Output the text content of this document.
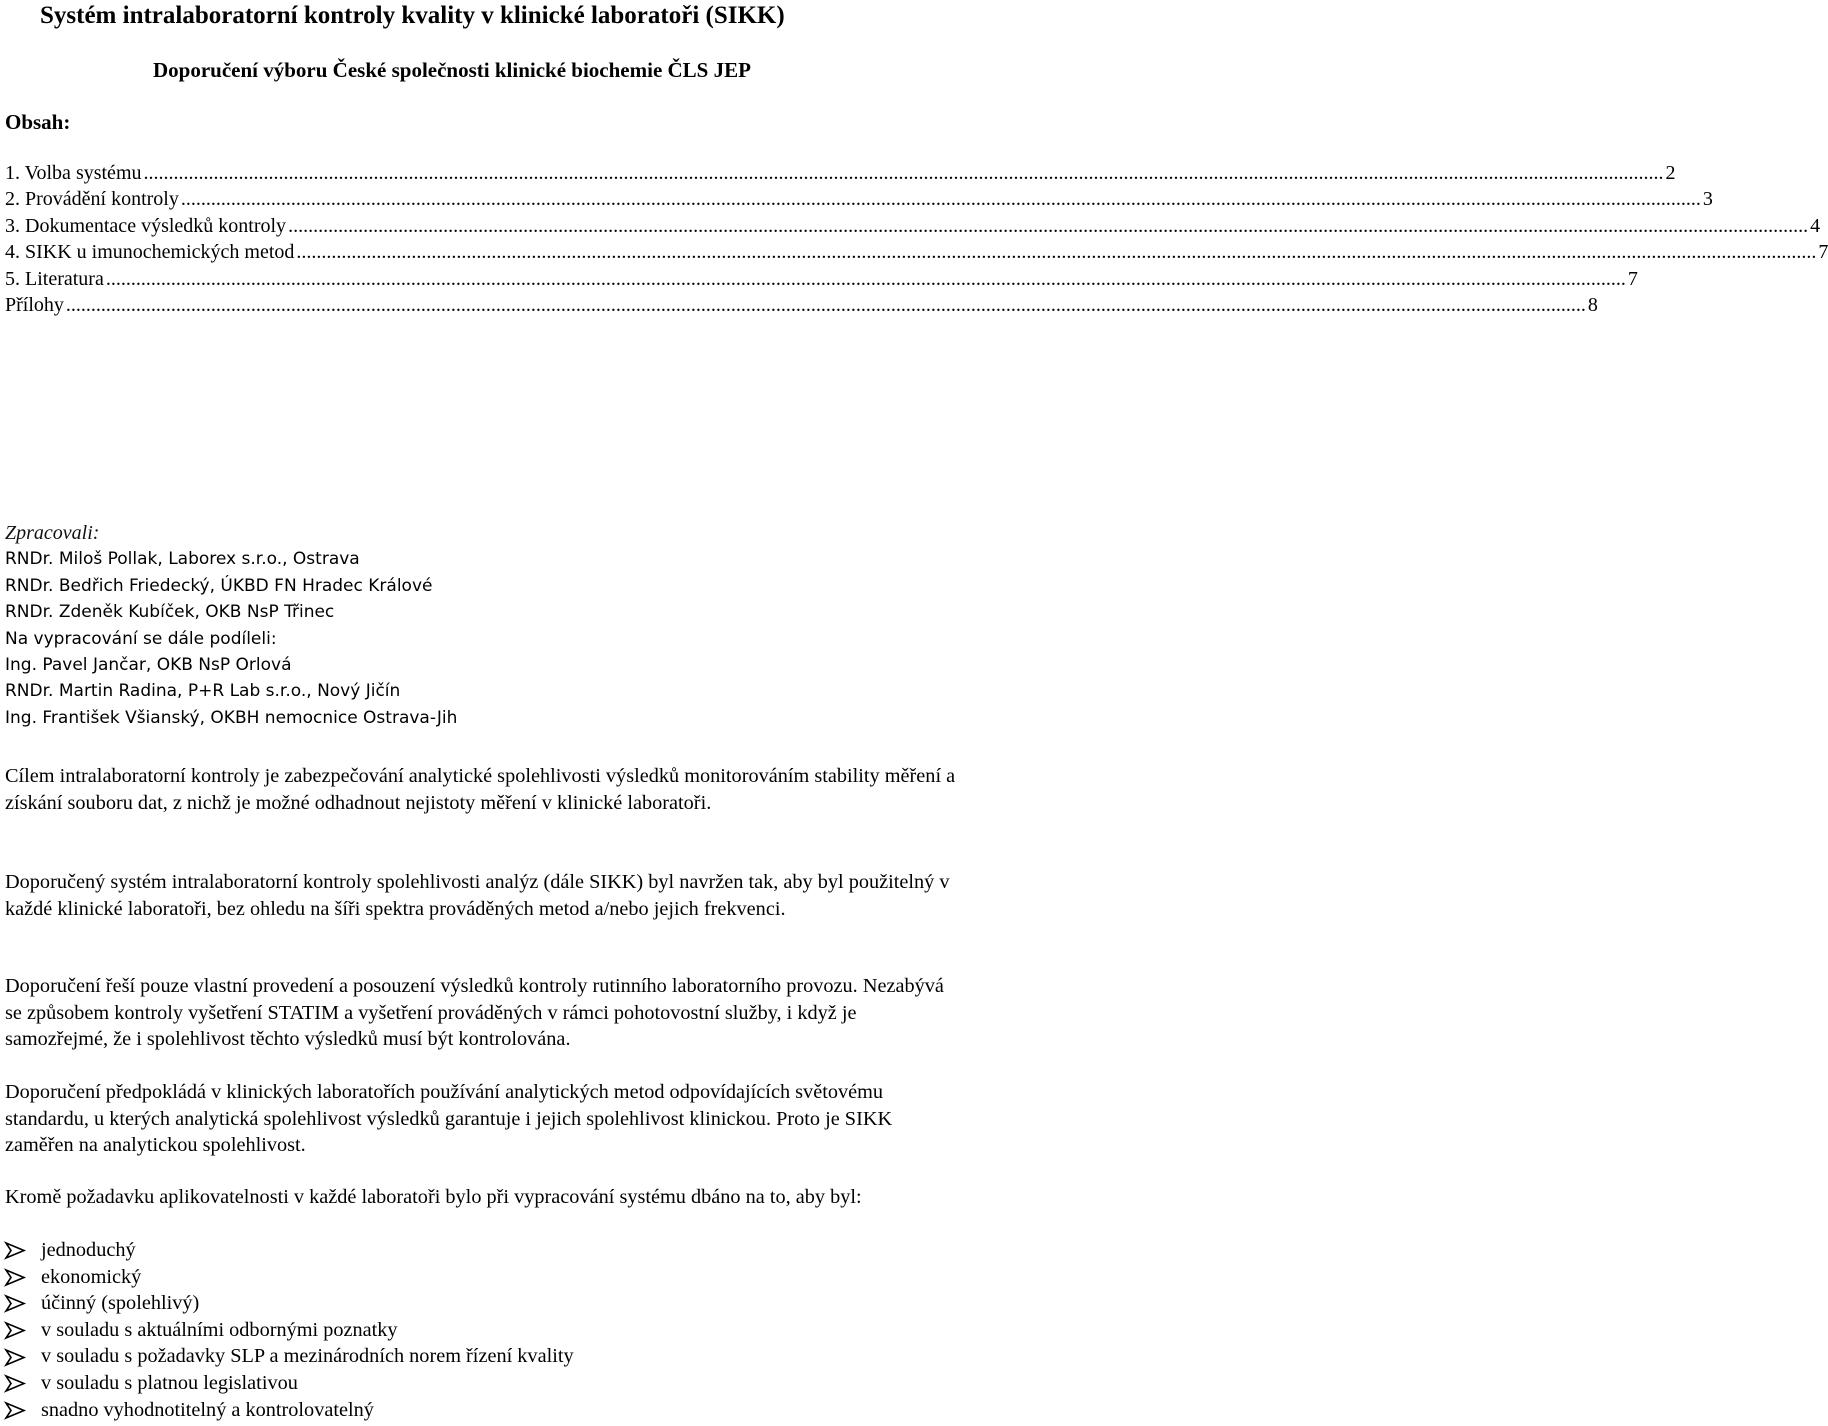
Systém intralaboratorní kontroly kvality v klinické laboratoři (SIKK)
Doporučení výboru České společnosti klinické biochemie ČLS JEP
Obsah:
1. Volba systému .....	2
2. Provádění kontroly .....	3
3. Dokumentace výsledků kontroly .....	4
4. SIKK u imunochemických metod .....	7
5. Literatura .....	7
Přílohy .....	8
Zpracovali:
RNDr. Miloš Pollak, Laborex s.r.o., Ostrava
RNDr. Bedřich Friedecký, ÚKBD FN Hradec Králové
RNDr. Zdeněk Kubíček, OKB NsP Třinec
Na vypracování se dále podíleli:
Ing. Pavel Jančar, OKB NsP Orlová
RNDr. Martin Radina, P+R Lab s.r.o., Nový Jičín
Ing. František Všianský, OKBH nemocnice Ostrava-Jih

Cílem intralaboratorní kontroly je zabezpečování analytické spolehlivosti výsledků monitorováním stability měření a získání souboru dat, z nichž je možné odhadnout nejistoty měření v klinické laboratoři.

Doporučený systém intralaboratorní kontroly spolehlivosti analýz (dále SIKK) byl navržen tak, aby byl použitelný v každé klinické laboratoři, bez ohledu na šíři spektra prováděných metod a/nebo jejich frekvenci.

Doporučení řeší pouze vlastní provedení a posouzení výsledků kontroly rutinního laboratorního provozu. Nezabývá se způsobem kontroly vyšetření STATIM a vyšetření prováděných v rámci pohotovostní služby, i když je samozřejmé, že i spolehlivost těchto výsledků musí být kontrolována.

Doporučení předpokládá v klinických laboratořích používání analytických metod odpovídajících světovému standardu, u kterých analytická spolehlivost výsledků garantuje i jejich spolehlivost klinickou. Proto je SIKK zaměřen na analytickou spolehlivost.

Kromě požadavku aplikovatelnosti v každé laboratoři bylo při vypracování systému dbáno na to, aby byl:

jednoduchý
ekonomický
účinný (spolehlivý)
v souladu s aktuálními odbornými poznatky
v souladu s požadavky SLP a mezinárodních norem řízení kvality
v souladu s platnou legislativou
snadno vyhodnotitelný a kontrolovatelný
